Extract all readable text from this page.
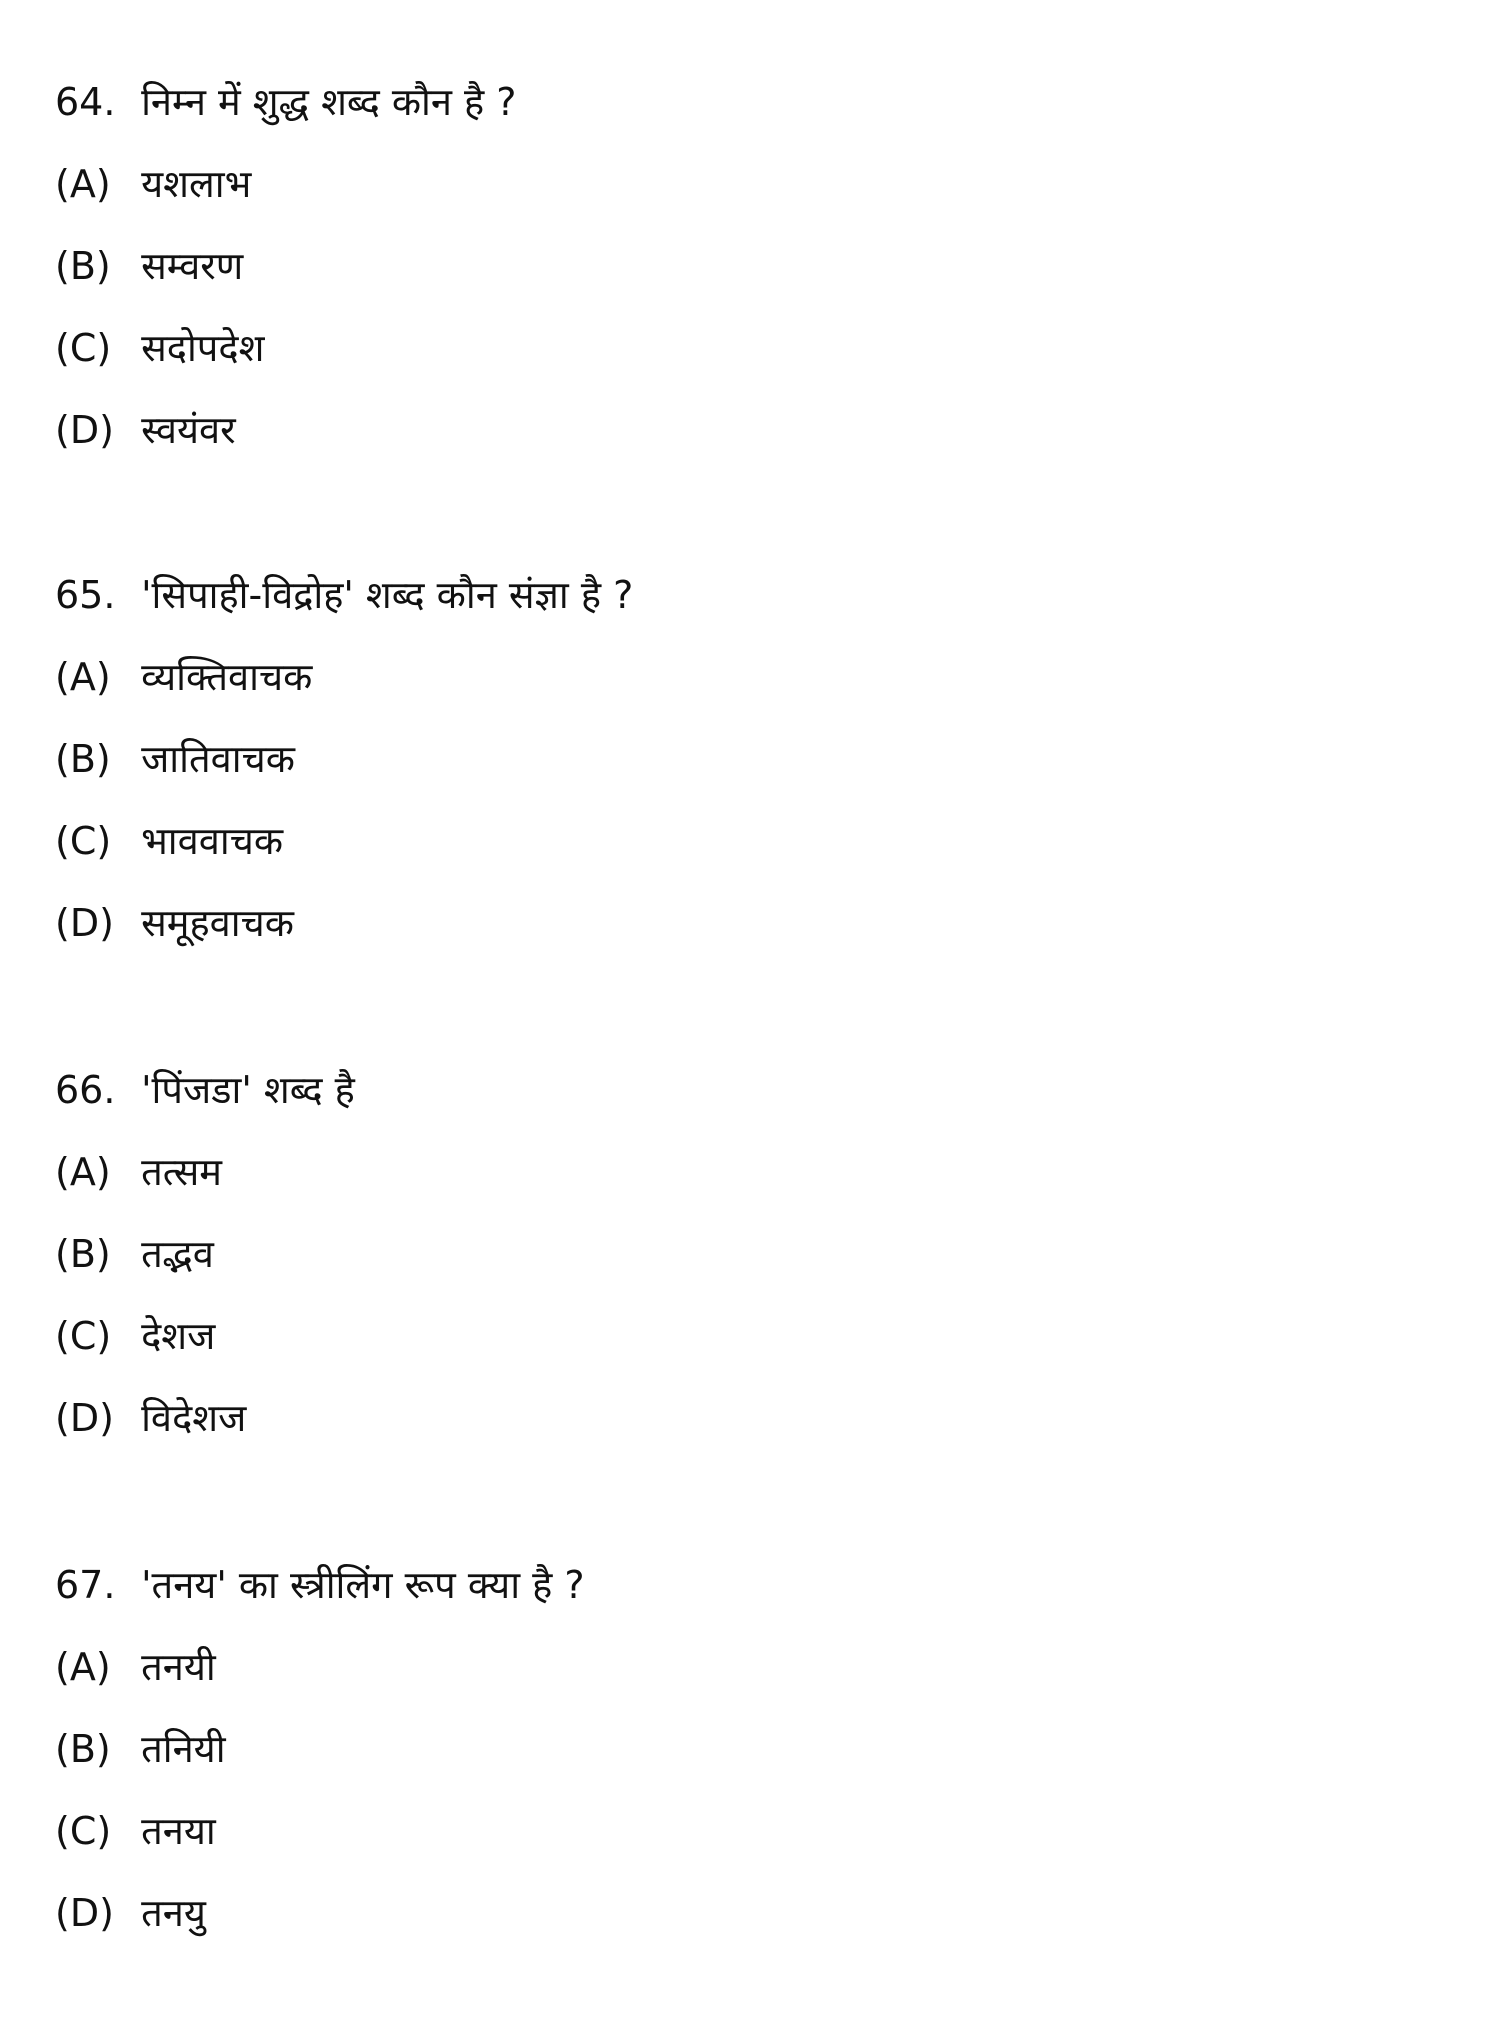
64. निम्न में शुद्ध शब्द कौन है ?
(A) यशलाभ
(B) सम्वरण
(C) सदोपदेश
(D) स्वयंवर
65. 'सिपाही-विद्रोह' शब्द कौन संज्ञा है ?
(A) व्यक्तिवाचक
(B) जातिवाचक
(C) भाववाचक
(D) समूहवाचक
66. 'पिंजडा' शब्द है
(A) तत्सम
(B) तद्भव
(C) देशज
(D) विदेशज
67. 'तनय' का स्त्रीलिंग रूप क्या है ?
(A) तनयी
(B) तनियी
(C) तनया
(D) तनयु
